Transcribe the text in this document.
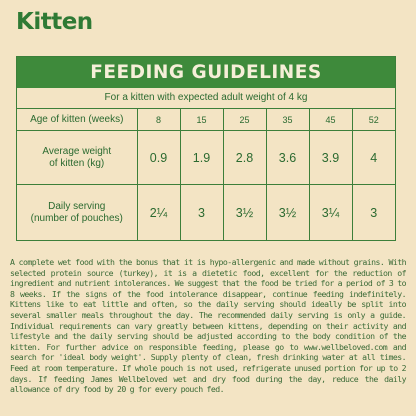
Kitten
FEEDING GUIDELINES
For a kitten with expected adult weight of 4 kg
Age of kitten (weeks)	8	15	25	35	45	52

Average weight
of kitten (kg)	0.9	1.9	2.8	3.6	3.9	4

Daily serving
(number of pouches)	2¼	3	3½	3½	3¼	3
A complete wet food with the bonus that it is hypo-allergenic and made without grains. With selected protein source (turkey), it is a dietetic food, excellent for the reduction of ingredient and nutrient intolerances. We suggest that the food be tried for a period of 3 to 8 weeks. If the signs of the food intolerance disappear, continue feeding indefinitely. Kittens like to eat little and often, so the daily serving should ideally be split into several smaller meals throughout the day. The recommended daily serving is only a guide. Individual requirements can vary greatly between kittens, depending on their activity and lifestyle and the daily serving should be adjusted according to the body condition of the kitten. For further advice on responsible feeding, please go to www.wellbeloved.com and search for 'ideal body weight'. Supply plenty of clean, fresh drinking water at all times. Feed at room temperature. If whole pouch is not used, refrigerate unused portion for up to 2 days. If feeding James Wellbeloved wet and dry food during the day, reduce the daily allowance of dry food by 20 g for every pouch fed.
